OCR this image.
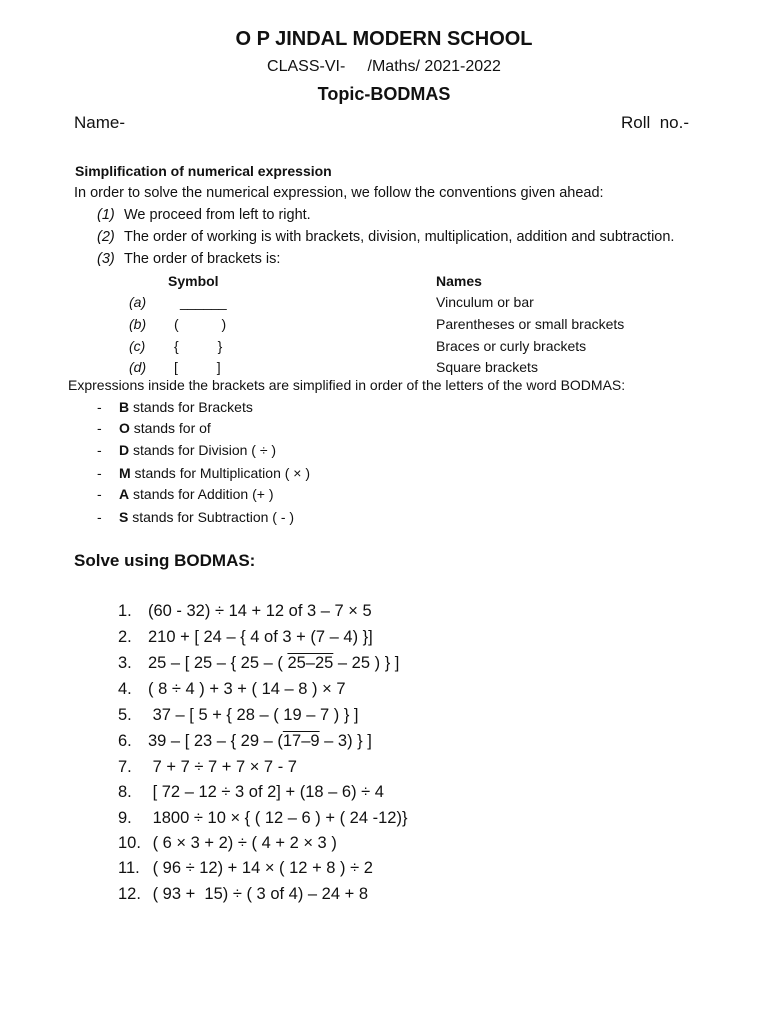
O P JINDAL MODERN SCHOOL
CLASS-VI-     /Maths/ 2021-2022
Topic-BODMAS
Name-	Roll  no.-
Simplification of numerical expression
In order to solve the numerical expression, we follow the conventions given ahead:
(1) We proceed from left to right.
(2) The order of working is with brackets, division, multiplication, addition and subtraction.
(3) The order of brackets is:
Symbol	Names
(a) ______	Vinculum or bar
(b) (           )	Parentheses or small brackets
(c) {          }	Braces or curly brackets
(d) [          ]	Square brackets
Expressions inside the brackets are simplified in order of the letters of the word BODMAS:
- B stands for Brackets
- O stands for of
- D stands for Division ( ÷ )
- M stands for Multiplication ( × )
- A stands for Addition (+ )
- S stands for Subtraction ( - )
Solve using BODMAS:
1. (60 - 32) ÷ 14 + 12 of 3 – 7 × 5
2. 210 + [ 24 – { 4 of 3 + (7 – 4) }]
3. 25 – [ 25 – { 25 – ( 25–25 – 25 ) } ]
4. ( 8 ÷ 4 ) + 3 + ( 14 – 8 ) × 7
5. 37 – [ 5 + { 28 – ( 19 – 7 ) } ]
6. 39 – [ 23 – { 29 – (17–9 – 3) } ]
7. 7 + 7 ÷ 7 + 7 × 7 - 7
8. [ 72 – 12 ÷ 3 of 2] + (18 – 6) ÷ 4
9. 1800 ÷ 10 × { ( 12 – 6 ) + ( 24 -12)}
10. ( 6 × 3 + 2) ÷ ( 4 + 2 × 3 )
11. ( 96 ÷ 12) + 14 × ( 12 + 8 ) ÷ 2
12. ( 93 +  15) ÷ ( 3 of 4) – 24 + 8
